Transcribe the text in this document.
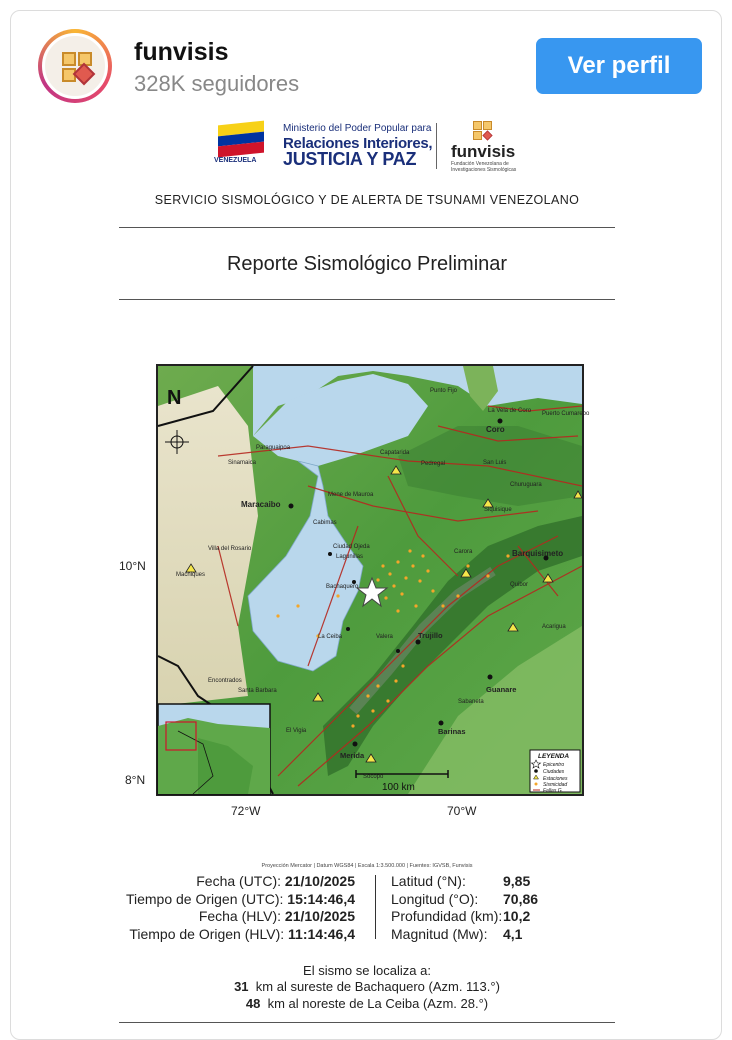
funvisis
328K seguidores
Ver perfil
VENEZUELA
Ministerio del Poder Popular para
Relaciones Interiores,
JUSTICIA Y PAZ funvisis
Fundación Venezolana de Investigaciones Sismológicas
SERVICIO SISMOLÓGICO Y DE ALERTA DE TSUNAMI VENEZOLANO
Reporte Sismológico Preliminar
10°N
8°N
72°W	70°W
N	Punto Fijo
La Vela de Coro Puerto Cumarebo
Coro
Paraguaipoa
Capatarida
Pedregal	San Luis
Sinamaica
Churuguara
Siquisique
Maracaibo
Mene de Mauroa
Cabimas
Villa del Rosario	Ciudad Ojeda
Lagunillas
Carora	Barquisimeto
Machiques
Bachaquero	Quibor
Trujillo
La Ceiba	Valera
Acarigua
Guanare
Encontrados
Santa Barbara
Sabaneta
Barinas
El Vigia
Merida
Socopo
100 km
LEYENDA
Epicentro
Ciudades
Estaciones
Sismicidad
Fallas G.
Proyección Mercator | Datum WGS84 | Escala 1:3.500.000 | Fuentes: IGVSB, Funvisis
Fecha (UTC): 21/10/2025
Tiempo de Origen (UTC): 15:14:46,4
Fecha (HLV): 21/10/2025
Tiempo de Origen (HLV): 11:14:46,4
Latitud (°N):	9,85
Longitud (°O):	70,86
Profundidad (km): 10,2
Magnitud (Mw):	4,1
El sismo se localiza a:
31 km al sureste de Bachaquero (Azm. 113.°)
48 km al noreste de La Ceiba (Azm. 28.°)
